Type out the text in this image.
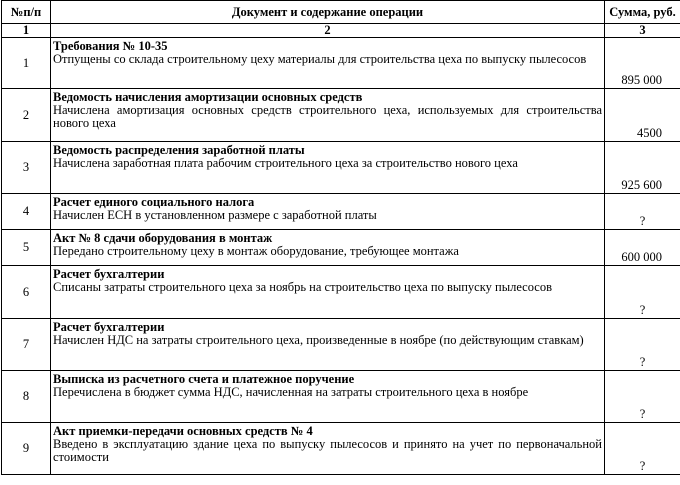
№п/п	Документ и содержание операции	Сумма, руб.
1	2	3
1	Требования № 10-35
Отпущены со склада строительному цеху материалы для строительства цеха по выпуску пылесосов	895 000
2	Ведомость начисления амортизации основных средств
Начислена амортизация основных средств строительного цеха, используемых для строительства нового цеха	4500
3	Ведомость распределения заработной платы
Начислена заработная плата рабочим строительного цеха за строительство нового цеха	925 600
4	Расчет единого социального налога
Начислен ЕСН в установленном размере с заработной платы	?
5	Акт № 8 сдачи оборудования в монтаж
Передано строительному цеху в монтаж оборудование, требующее монтажа	600 000
6	Расчет бухгалтерии
Списаны затраты строительного цеха за ноябрь на строительство цеха по выпуску пылесосов	?
7	Расчет бухгалтерии
Начислен НДС на затраты строительного цеха, произведенные в ноябре (по действующим ставкам)	?
8	Выписка из расчетного счета и платежное поручение
Перечислена в бюджет сумма НДС, начисленная на затраты строительного цеха в ноябре	?
9	Акт приемки-передачи основных средств № 4
Введено в эксплуатацию здание цеха по выпуску пылесосов и принято на учет по первоначальной стоимости	?
